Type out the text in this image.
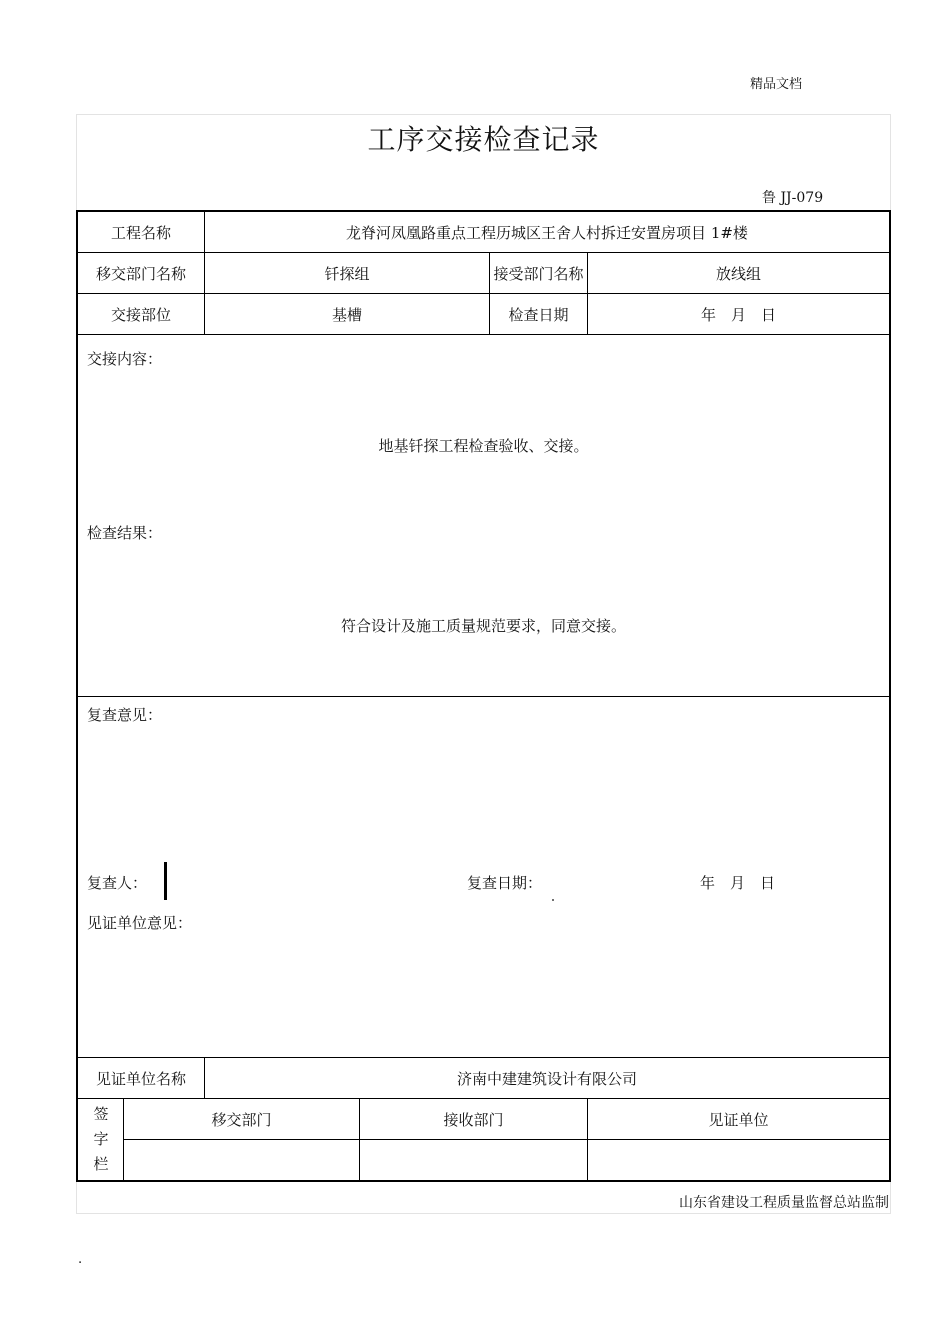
精品文档
工序交接检查记录
鲁 JJ-079
工程名称	龙脊河凤凰路重点工程历城区王舍人村拆迁安置房项目 1#楼
移交部门名称	钎探组	接受部门名称	放线组
交接部位	基槽	检查日期	年　月　日
交接内容：
地基钎探工程检查验收、交接。
检查结果：
符合设计及施工质量规范要求，同意交接。
复查意见：
复查人：	复查日期：	年　月　日
见证单位意见：
见证单位名称	济南中建建筑设计有限公司
签
字
栏
移交部门	接收部门	见证单位
山东省建设工程质量监督总站监制
.
